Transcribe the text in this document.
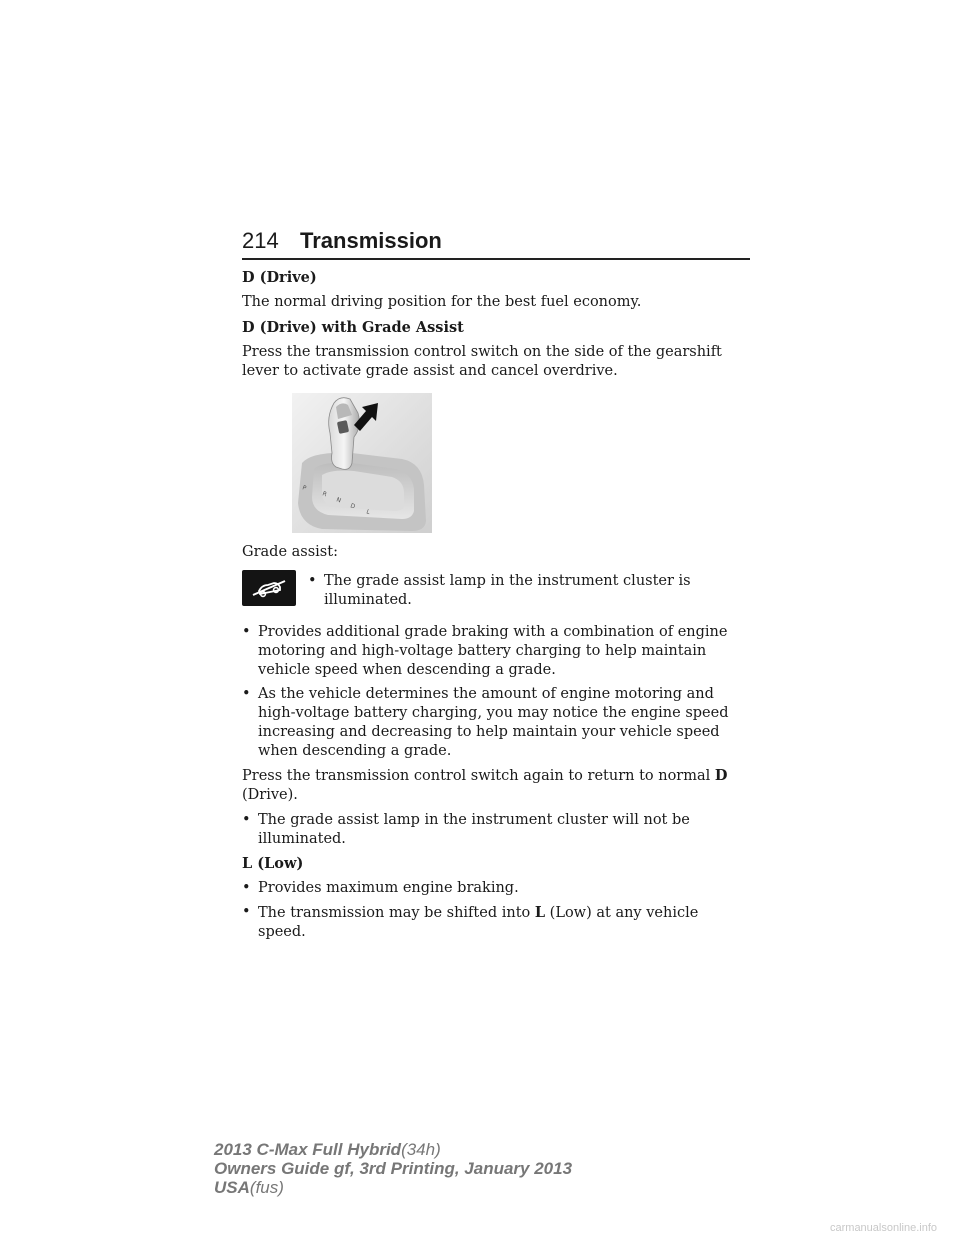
214 Transmission
D (Drive)

The normal driving position for the best fuel economy.

D (Drive) with Grade Assist

Press the transmission control switch on the side of the gearshift lever to activate grade assist and cancel overdrive.

P
R
N
D
L

Grade assist:

• The grade assist lamp in the instrument cluster is illuminated.
• Provides additional grade braking with a combination of engine motoring and high-voltage battery charging to help maintain vehicle speed when descending a grade.
• As the vehicle determines the amount of engine motoring and high-voltage battery charging, you may notice the engine speed increasing and decreasing to help maintain your vehicle speed when descending a grade.

Press the transmission control switch again to return to normal D (Drive).

• The grade assist lamp in the instrument cluster will not be illuminated.
L (Low)
• Provides maximum engine braking.
• The transmission may be shifted into L (Low) at any vehicle speed.
2013 C-Max Full Hybrid(34h)
Owners Guide gf, 3rd Printing, January 2013
USA(fus)
carmanualsonline.info
